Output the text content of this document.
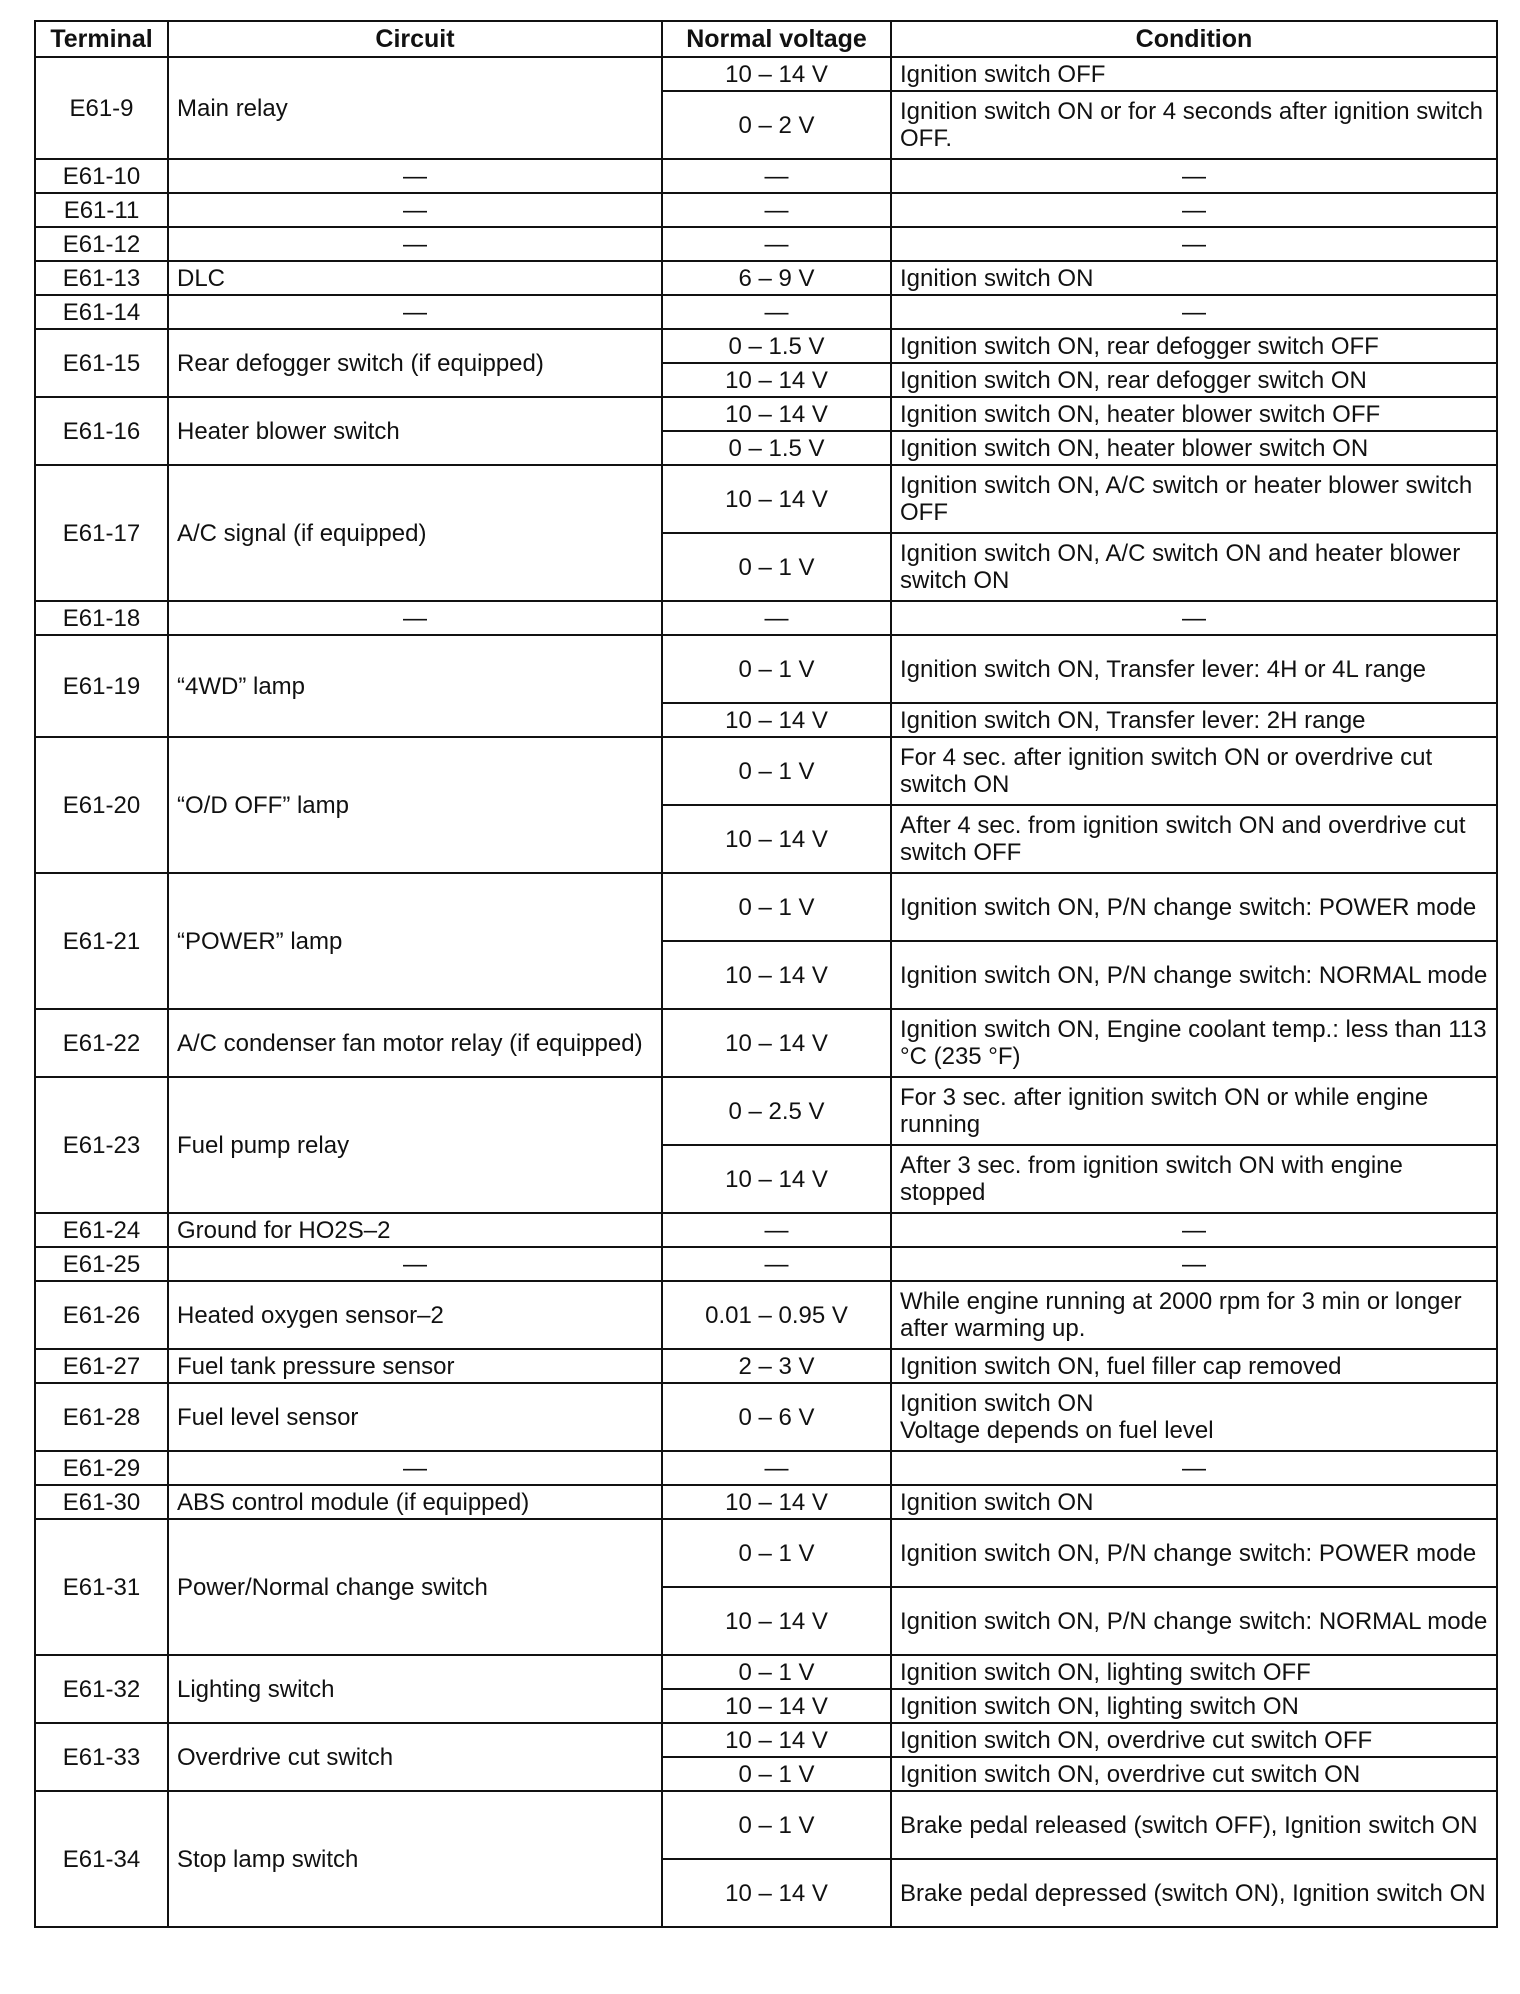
Terminal	Circuit	Normal voltage	Condition
E61-9	Main relay	10 – 14 V	Ignition switch OFF
		0 – 2 V	Ignition switch ON or for 4 seconds after ignition switch OFF.
E61-10	—	—	—
E61-11	—	—	—
E61-12	—	—	—
E61-13	DLC	6 – 9 V	Ignition switch ON
E61-14	—	—	—
E61-15	Rear defogger switch (if equipped)	0 – 1.5 V	Ignition switch ON, rear defogger switch OFF
		10 – 14 V	Ignition switch ON, rear defogger switch ON
E61-16	Heater blower switch	10 – 14 V	Ignition switch ON, heater blower switch OFF
		0 – 1.5 V	Ignition switch ON, heater blower switch ON
E61-17	A/C signal (if equipped)	10 – 14 V	Ignition switch ON, A/C switch or heater blower switch OFF
		0 – 1 V	Ignition switch ON, A/C switch ON and heater blower switch ON
E61-18	—	—	—
E61-19	“4WD” lamp	0 – 1 V	Ignition switch ON, Transfer lever: 4H or 4L range
		10 – 14 V	Ignition switch ON, Transfer lever: 2H range
E61-20	“O/D OFF” lamp	0 – 1 V	For 4 sec. after ignition switch ON or overdrive cut switch ON
		10 – 14 V	After 4 sec. from ignition switch ON and overdrive cut switch OFF
E61-21	“POWER” lamp	0 – 1 V	Ignition switch ON, P/N change switch: POWER mode
		10 – 14 V	Ignition switch ON, P/N change switch: NORMAL mode
E61-22	A/C condenser fan motor relay (if equipped)	10 – 14 V	Ignition switch ON, Engine coolant temp.: less than 113 °C (235 °F)
E61-23	Fuel pump relay	0 – 2.5 V	For 3 sec. after ignition switch ON or while engine running
		10 – 14 V	After 3 sec. from ignition switch ON with engine stopped
E61-24	Ground for HO2S–2	—	—
E61-25	—	—	—
E61-26	Heated oxygen sensor–2	0.01 – 0.95 V	While engine running at 2000 rpm for 3 min or longer after warming up.
E61-27	Fuel tank pressure sensor	2 – 3 V	Ignition switch ON, fuel filler cap removed
E61-28	Fuel level sensor	0 – 6 V	Ignition switch ON
Voltage depends on fuel level
E61-29	—	—	—
E61-30	ABS control module (if equipped)	10 – 14 V	Ignition switch ON
E61-31	Power/Normal change switch	0 – 1 V	Ignition switch ON, P/N change switch: POWER mode
		10 – 14 V	Ignition switch ON, P/N change switch: NORMAL mode
E61-32	Lighting switch	0 – 1 V	Ignition switch ON, lighting switch OFF
		10 – 14 V	Ignition switch ON, lighting switch ON
E61-33	Overdrive cut switch	10 – 14 V	Ignition switch ON, overdrive cut switch OFF
		0 – 1 V	Ignition switch ON, overdrive cut switch ON
E61-34	Stop lamp switch	0 – 1 V	Brake pedal released (switch OFF), Ignition switch ON
		10 – 14 V	Brake pedal depressed (switch ON), Ignition switch ON
